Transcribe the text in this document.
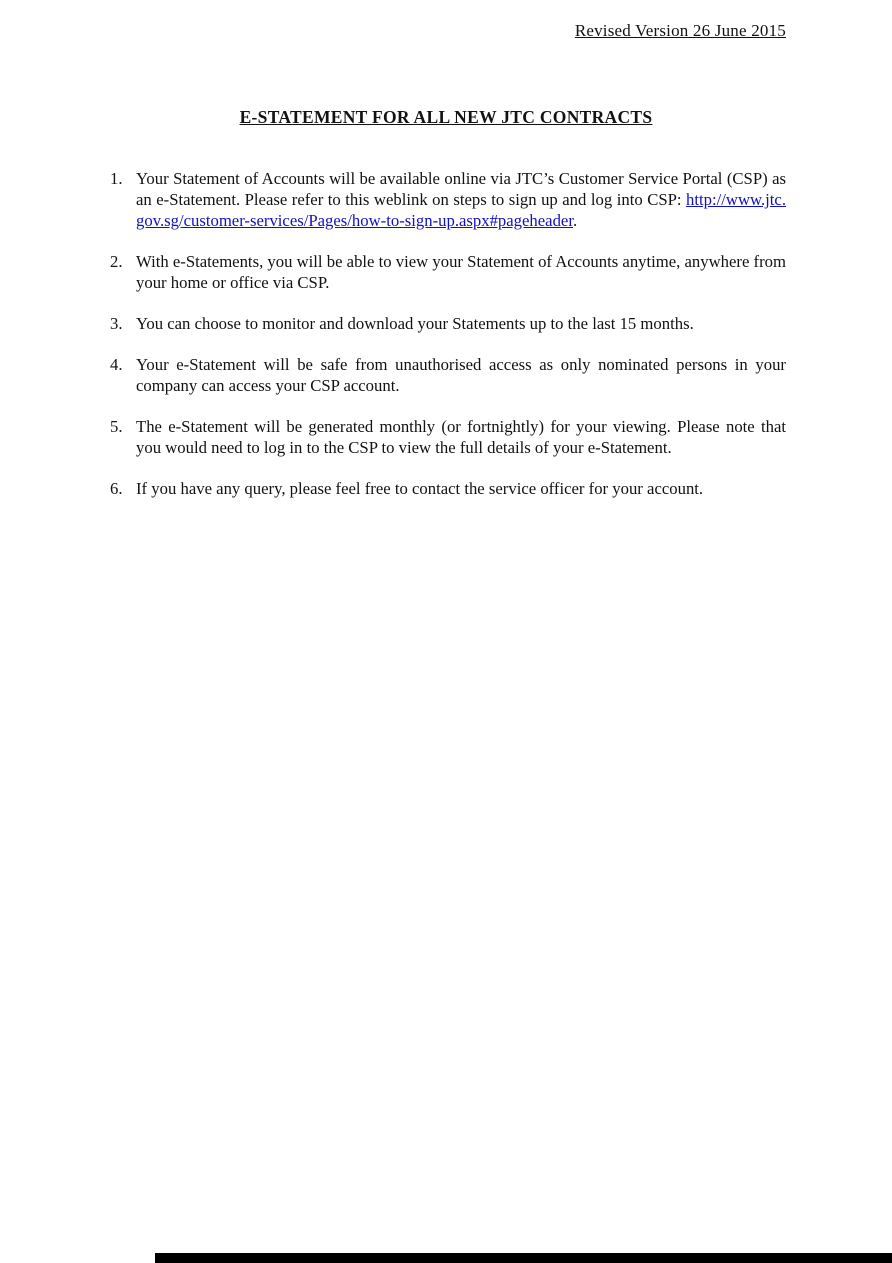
Revised Version 26 June 2015
E-STATEMENT FOR ALL NEW JTC CONTRACTS
1. Your Statement of Accounts will be available online via JTC’s Customer Service Portal (CSP) as an e-Statement. Please refer to this weblink on steps to sign up and log into CSP: http://www.jtc.gov.sg/customer-services/Pages/how-to-sign-up.aspx#pageheader.
2. With e-Statements, you will be able to view your Statement of Accounts anytime, anywhere from your home or office via CSP.
3. You can choose to monitor and download your Statements up to the last 15 months.
4. Your e-Statement will be safe from unauthorised access as only nominated persons in your company can access your CSP account.
5. The e-Statement will be generated monthly (or fortnightly) for your viewing. Please note that you would need to log in to the CSP to view the full details of your e-Statement.
6. If you have any query, please feel free to contact the service officer for your account.
